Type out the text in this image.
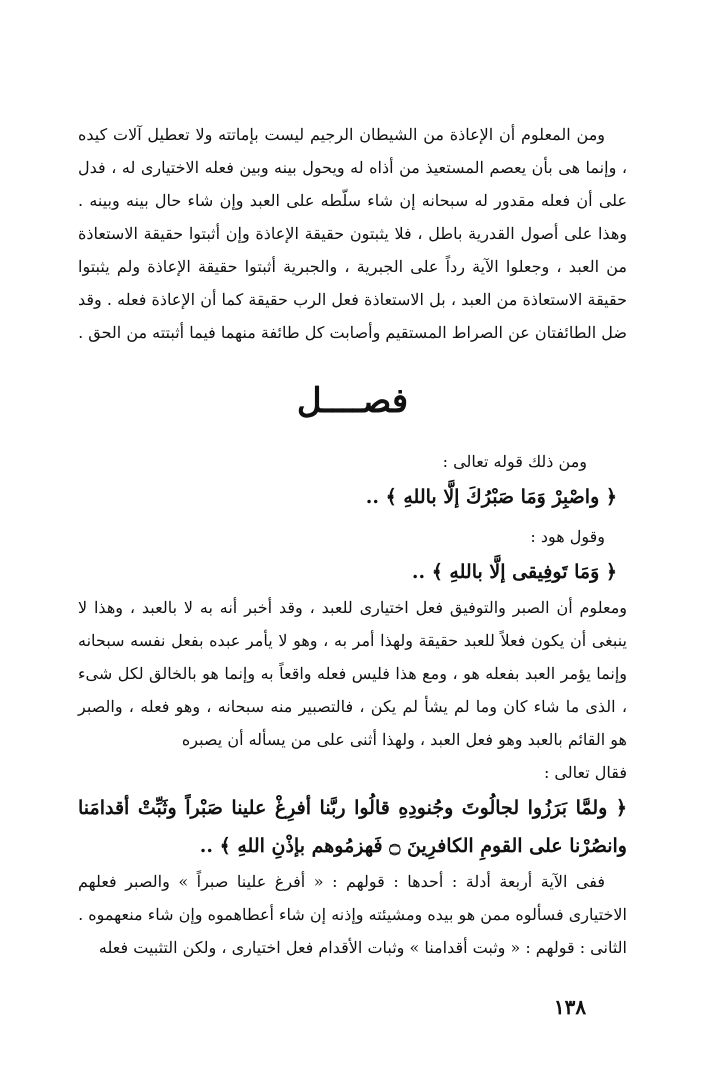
ومن المعلوم أن الإعاذة من الشيطان الرجيم ليست بإماتته ولا تعطيل آلات كيده ، وإنما هى بأن يعصم المستعيذ من أذاه له ويحول بينه وبين فعله الاختيارى له ، فدل على أن فعله مقدور له سبحانه إن شاء سلّطه على العبد وإن شاء حال بينه وبينه . وهذا على أصول القدرية باطل ، فلا يثبتون حقيقة الإعاذة وإن أثبتوا حقيقة الاستعاذة من العبد ، وجعلوا الآية رداً على الجبرية ، والجبرية أثبتوا حقيقة الإعاذة ولم يثبتوا حقيقة الاستعاذة من العبد ، بل الاستعاذة فعل الرب حقيقة كما أن الإعاذة فعله . وقد ضل الطائفتان عن الصراط المستقيم وأصابت كل طائفة منهما فيما أثبتته من الحق .

فصــــل

ومن ذلك قوله تعالى :

﴿ واصْبِرْ وَمَا صَبْرُكَ إلَّا باللهِ ﴾ ..

وقول هود :

﴿ وَمَا تَوفِيقى إلَّا باللهِ ﴾ ..

ومعلوم أن الصبر والتوفيق فعل اختيارى للعبد ، وقد أخبر أنه به لا بالعبد ، وهذا لا ينبغى أن يكون فعلاً للعبد حقيقة ولهذا أمر به ، وهو لا يأمر عبده بفعل نفسه سبحانه وإنما يؤمر العبد بفعله هو ، ومع هذا فليس فعله واقعاً به وإنما هو بالخالق لكل شىء ، الذى ما شاء كان وما لم يشأ لم يكن ، فالتصبير منه سبحانه ، وهو فعله ، والصبر هو القائم بالعبد وهو فعل العبد ، ولهذا أثنى على من يسأله أن يصبره

فقال تعالى :

﴿ ولمَّا بَرَزُوا لجالُوتَ وجُنودِهِ قالُوا ربَّنا أفرِغْ علينا صَبْراً وثَبِّتْ أقدامَنا وانصُرْنا على القومِ الكافرِينَ ۝ فَهزمُوهم بإذْنِ اللهِ ﴾ ..

ففى الآية أربعة أدلة : أحدها : قولهم : « أفرغ علينا صبراً » والصبر فعلهم الاختيارى فسألوه ممن هو بيده ومشيئته وإذنه إن شاء أعطاهموه وإن شاء منعهموه .

الثانى : قولهم : « وثبت أقدامنا » وثبات الأقدام فعل اختيارى ، ولكن التثبيت فعله

١٣٨
